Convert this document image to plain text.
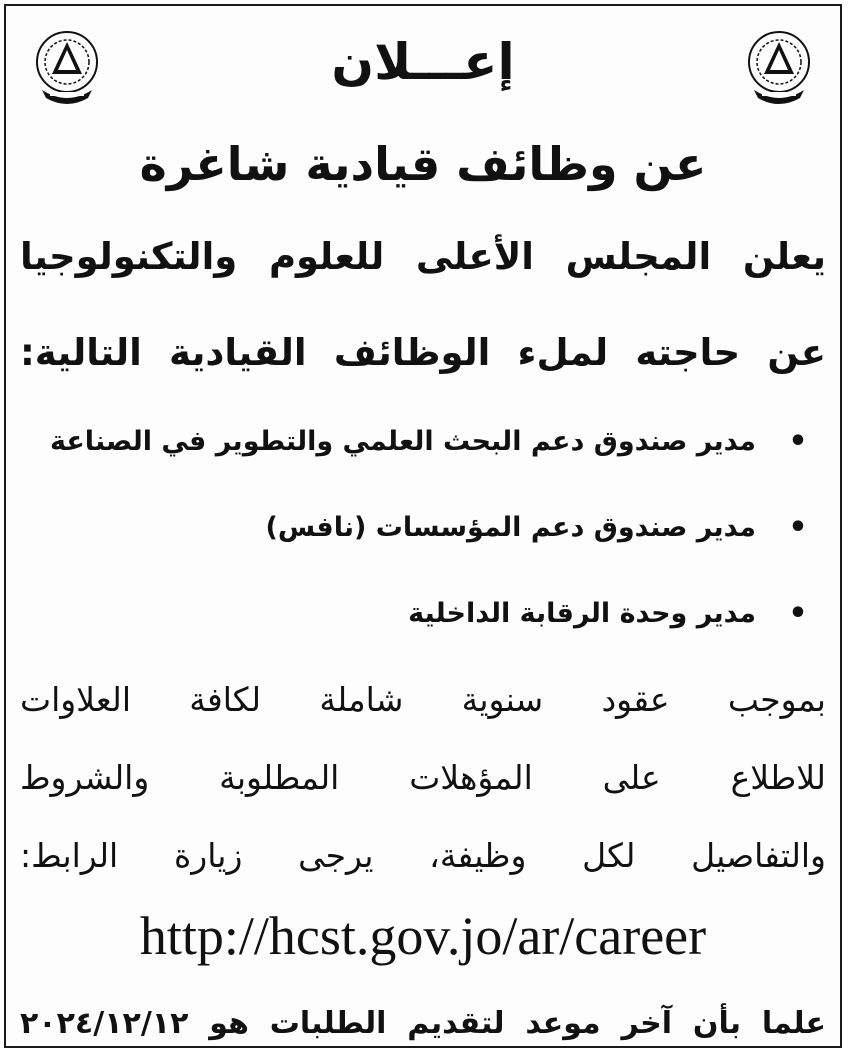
إعـــلان
عن وظائف قيادية شاغرة
يعلن المجلس الأعلى للعلوم والتكنولوجيا
عن حاجته لملء الوظائف القيادية التالية:
•
مدير صندوق دعم البحث العلمي والتطوير في الصناعة
•
مدير صندوق دعم المؤسسات (نافس)
•
مدير وحدة الرقابة الداخلية
بموجب عقود سنوية شاملة لكافة العلاوات
للاطلاع على المؤهلات المطلوبة والشروط
والتفاصيل لكل وظيفة، يرجى زيارة الرابط:
http://hcst.gov.jo/ar/career
علما بأن آخر موعد لتقديم الطلبات هو ٢٠٢٤/١٢/١٢
